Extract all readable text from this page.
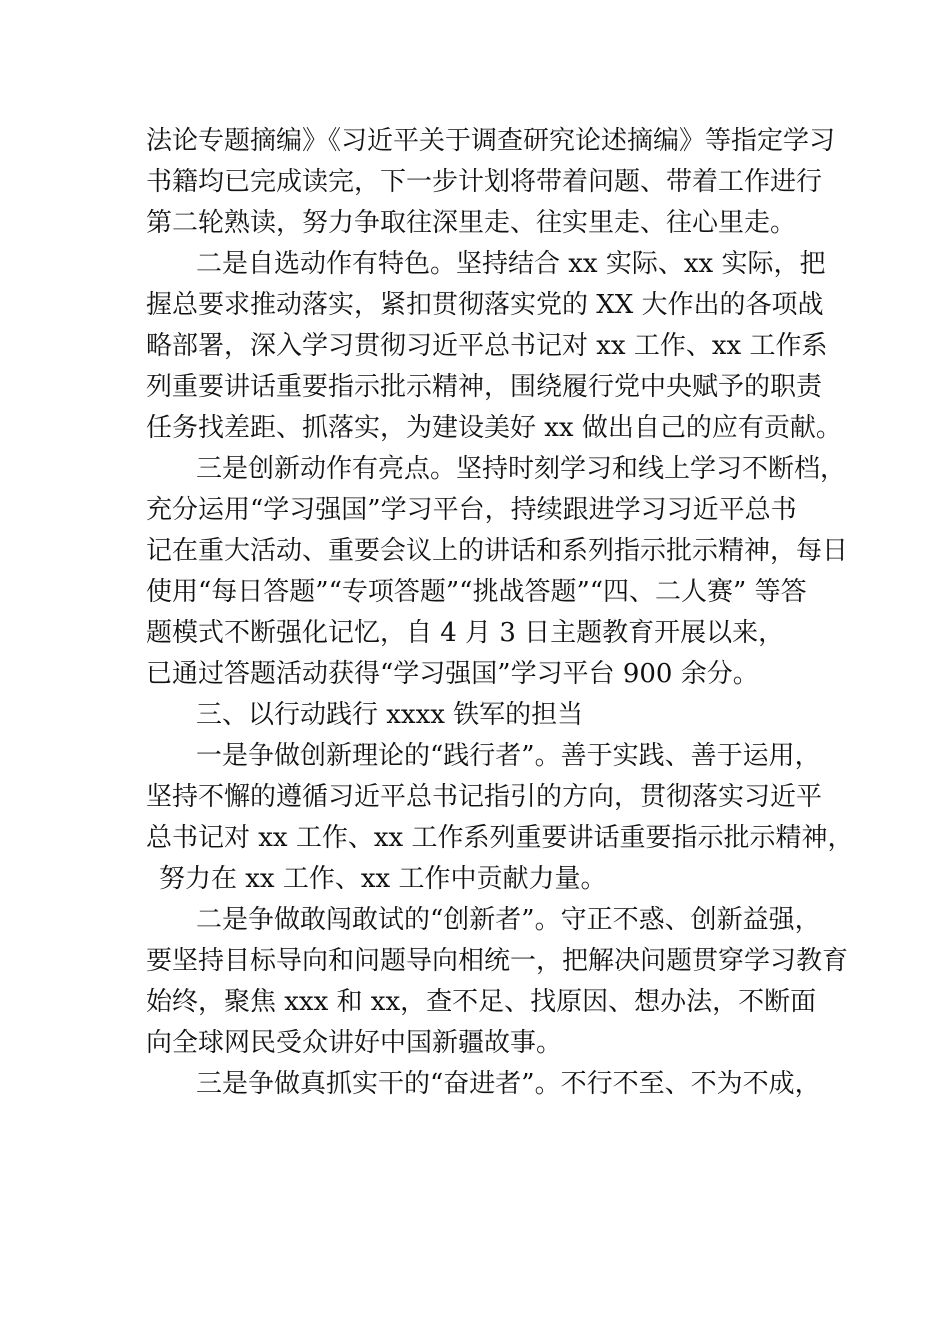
法论专题摘编》《习近平关于调查研究论述摘编》等指定学习
书籍均已完成读完，下一步计划将带着问题、带着工作进行
第二轮熟读，努力争取往深里走、往实里走、往心里走。
二是自选动作有特色。坚持结合 xx 实际、xx 实际，把
握总要求推动落实，紧扣贯彻落实党的 XX 大作出的各项战
略部署，深入学习贯彻习近平总书记对 xx 工作、xx 工作系
列重要讲话重要指示批示精神，围绕履行党中央赋予的职责
任务找差距、抓落实，为建设美好 xx 做出自己的应有贡献。
三是创新动作有亮点。坚持时刻学习和线上学习不断档，
充分运用“学习强国”学习平台，持续跟进学习习近平总书
记在重大活动、重要会议上的讲话和系列指示批示精神，每日
使用“每日答题”“专项答题”“挑战答题”“四、二人赛” 等答
题模式不断强化记忆，自 4 月 3 日主题教育开展以来，
已通过答题活动获得“学习强国”学习平台 900 余分。
三、以行动践行 xxxx 铁军的担当
一是争做创新理论的“践行者”。善于实践、善于运用，
坚持不懈的遵循习近平总书记指引的方向，贯彻落实习近平
总书记对 xx 工作、xx 工作系列重要讲话重要指示批示精神，
努力在 xx 工作、xx 工作中贡献力量。
二是争做敢闯敢试的“创新者”。守正不惑、创新益强，
要坚持目标导向和问题导向相统一，把解决问题贯穿学习教育
始终，聚焦 xxx 和 xx，查不足、找原因、想办法，不断面
向全球网民受众讲好中国新疆故事。
三是争做真抓实干的“奋进者”。不行不至、不为不成，
